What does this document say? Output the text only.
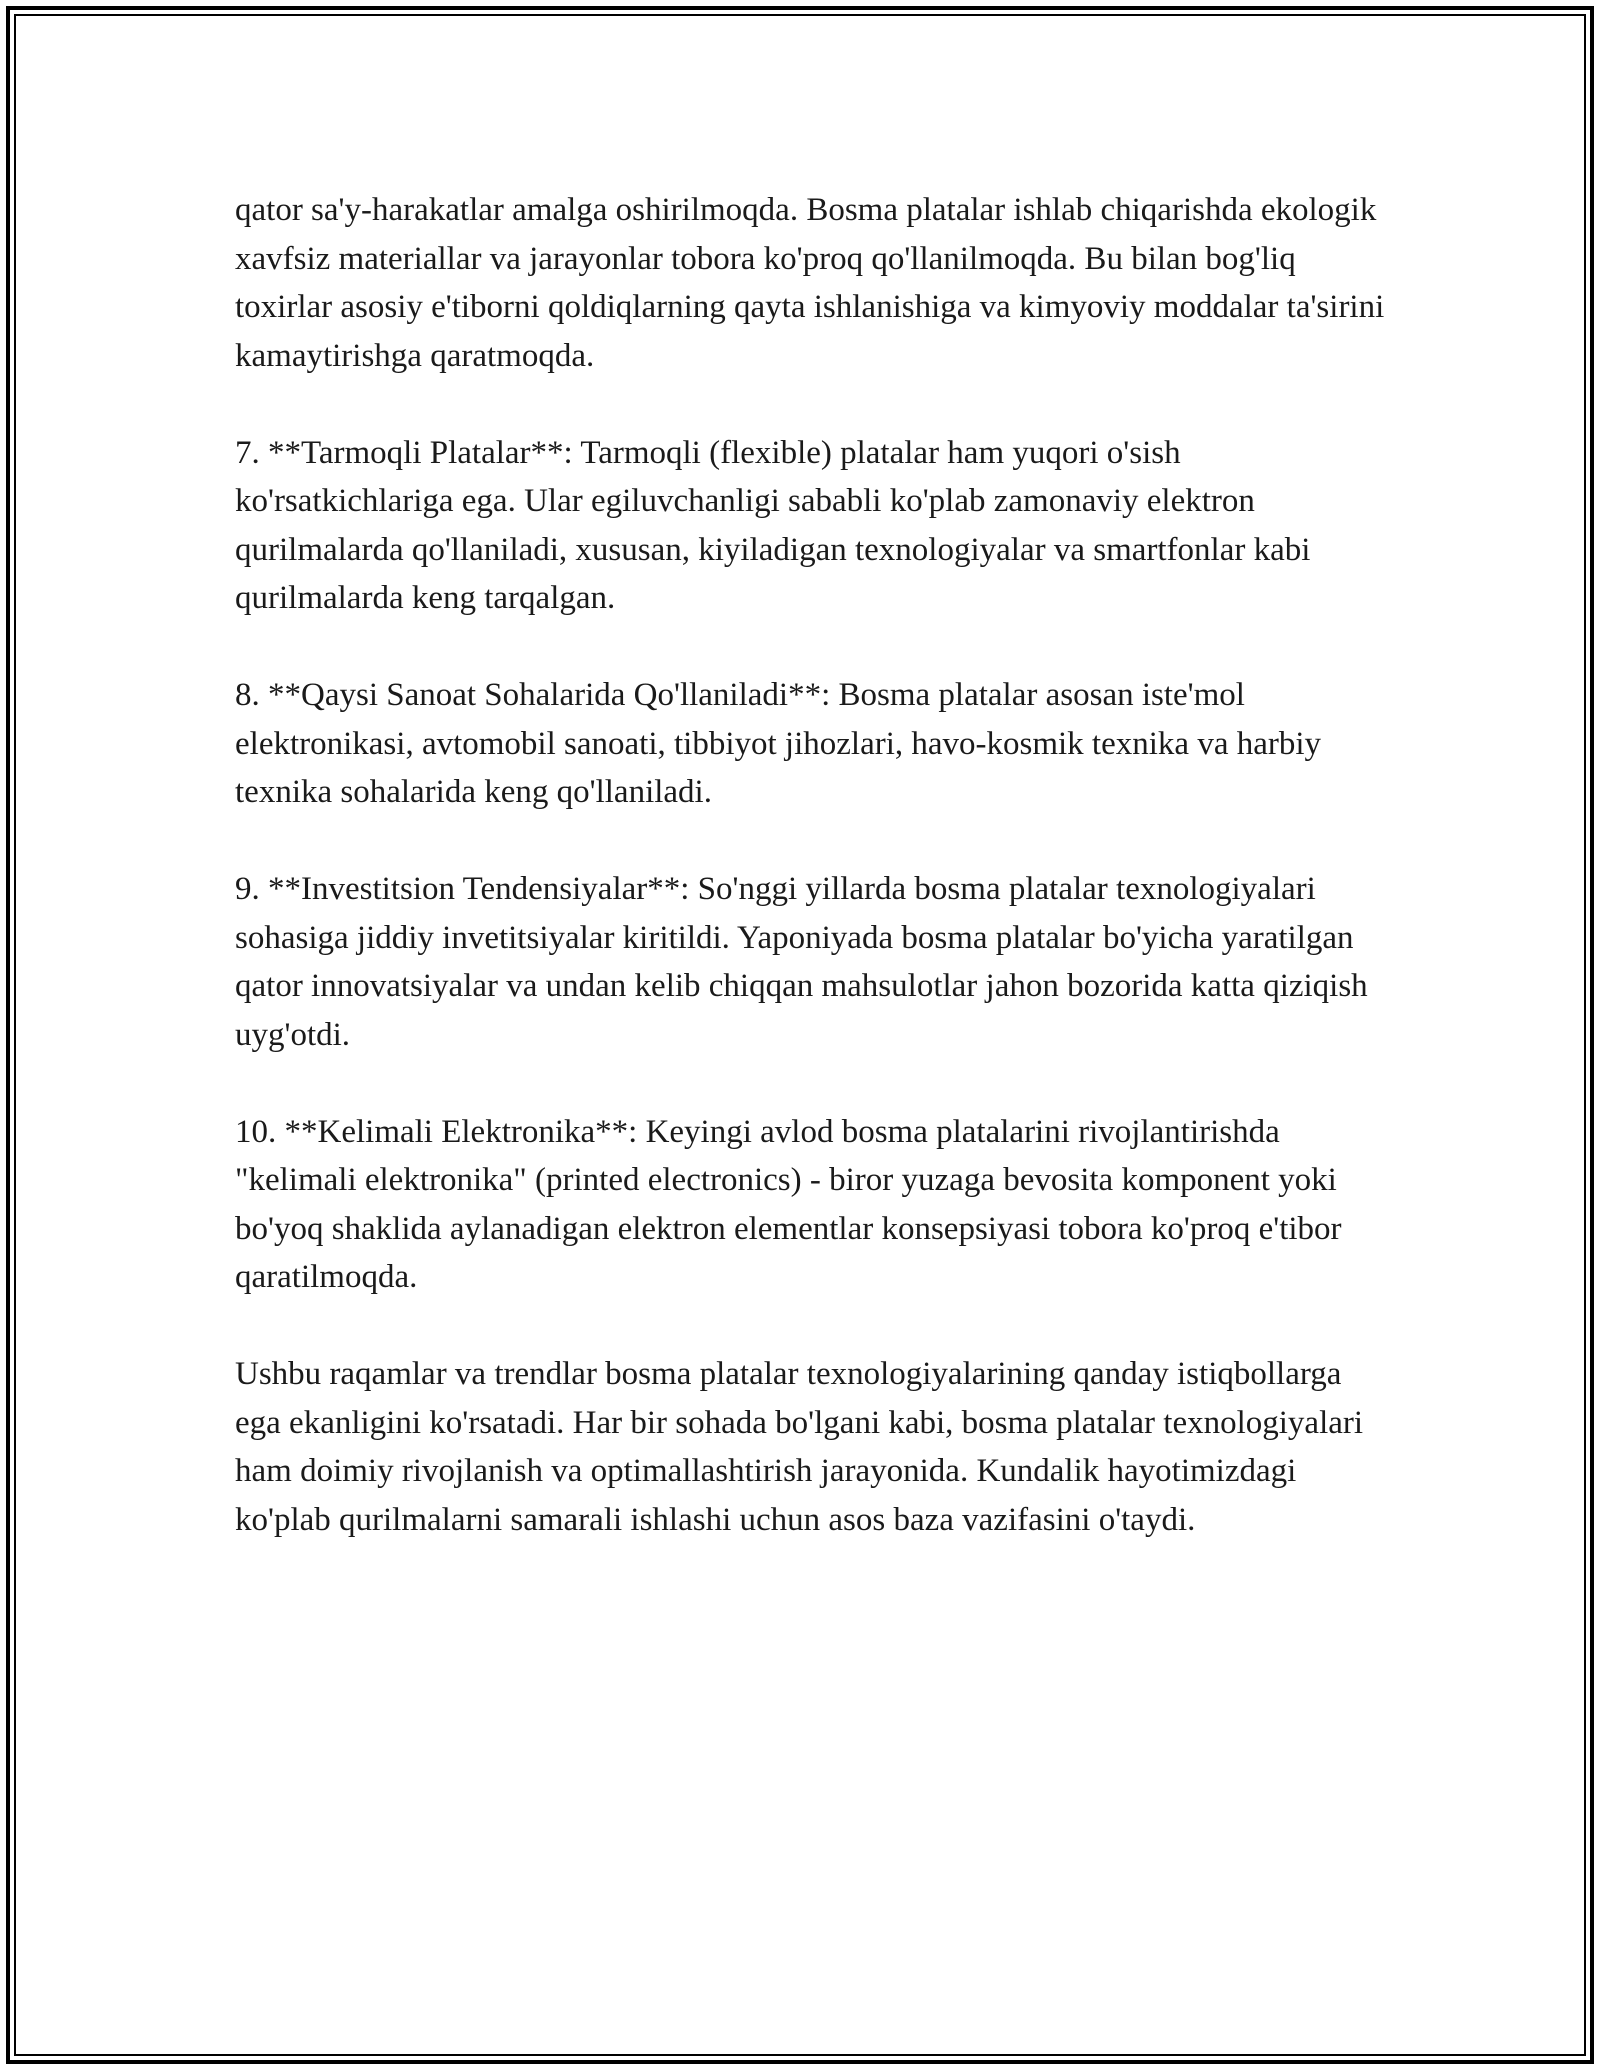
qator sa'y-harakatlar amalga oshirilmoqda. Bosma platalar ishlab chiqarishda ekologik xavfsiz materiallar va jarayonlar tobora ko'proq qo'llanilmoqda. Bu bilan bog'liq toxirlar asosiy e'tiborni qoldiqlarning qayta ishlanishiga va kimyoviy moddalar ta'sirini kamaytirishga qaratmoqda.

7. **Tarmoqli Platalar**: Tarmoqli (flexible) platalar ham yuqori o'sish ko'rsatkichlariga ega. Ular egiluvchanligi sababli ko'plab zamonaviy elektron qurilmalarda qo'llaniladi, xususan, kiyiladigan texnologiyalar va smartfonlar kabi qurilmalarda keng tarqalgan.

8. **Qaysi Sanoat Sohalarida Qo'llaniladi**: Bosma platalar asosan iste'mol elektronikasi, avtomobil sanoati, tibbiyot jihozlari, havo-kosmik texnika va harbiy texnika sohalarida keng qo'llaniladi.

9. **Investitsion Tendensiyalar**: So'nggi yillarda bosma platalar texnologiyalari sohasiga jiddiy invetitsiyalar kiritildi. Yaponiyada bosma platalar bo'yicha yaratilgan qator innovatsiyalar va undan kelib chiqqan mahsulotlar jahon bozorida katta qiziqish uyg'otdi.

10. **Kelimali Elektronika**: Keyingi avlod bosma platalarini rivojlantirishda "kelimali elektronika" (printed electronics) - biror yuzaga bevosita komponent yoki bo'yoq shaklida aylanadigan elektron elementlar konsepsiyasi tobora ko'proq e'tibor qaratilmoqda.

Ushbu raqamlar va trendlar bosma platalar texnologiyalarining qanday istiqbollarga ega ekanligini ko'rsatadi. Har bir sohada bo'lgani kabi, bosma platalar texnologiyalari ham doimiy rivojlanish va optimallashtirish jarayonida. Kundalik hayotimizdagi ko'plab qurilmalarni samarali ishlashi uchun asos baza vazifasini o'taydi.
